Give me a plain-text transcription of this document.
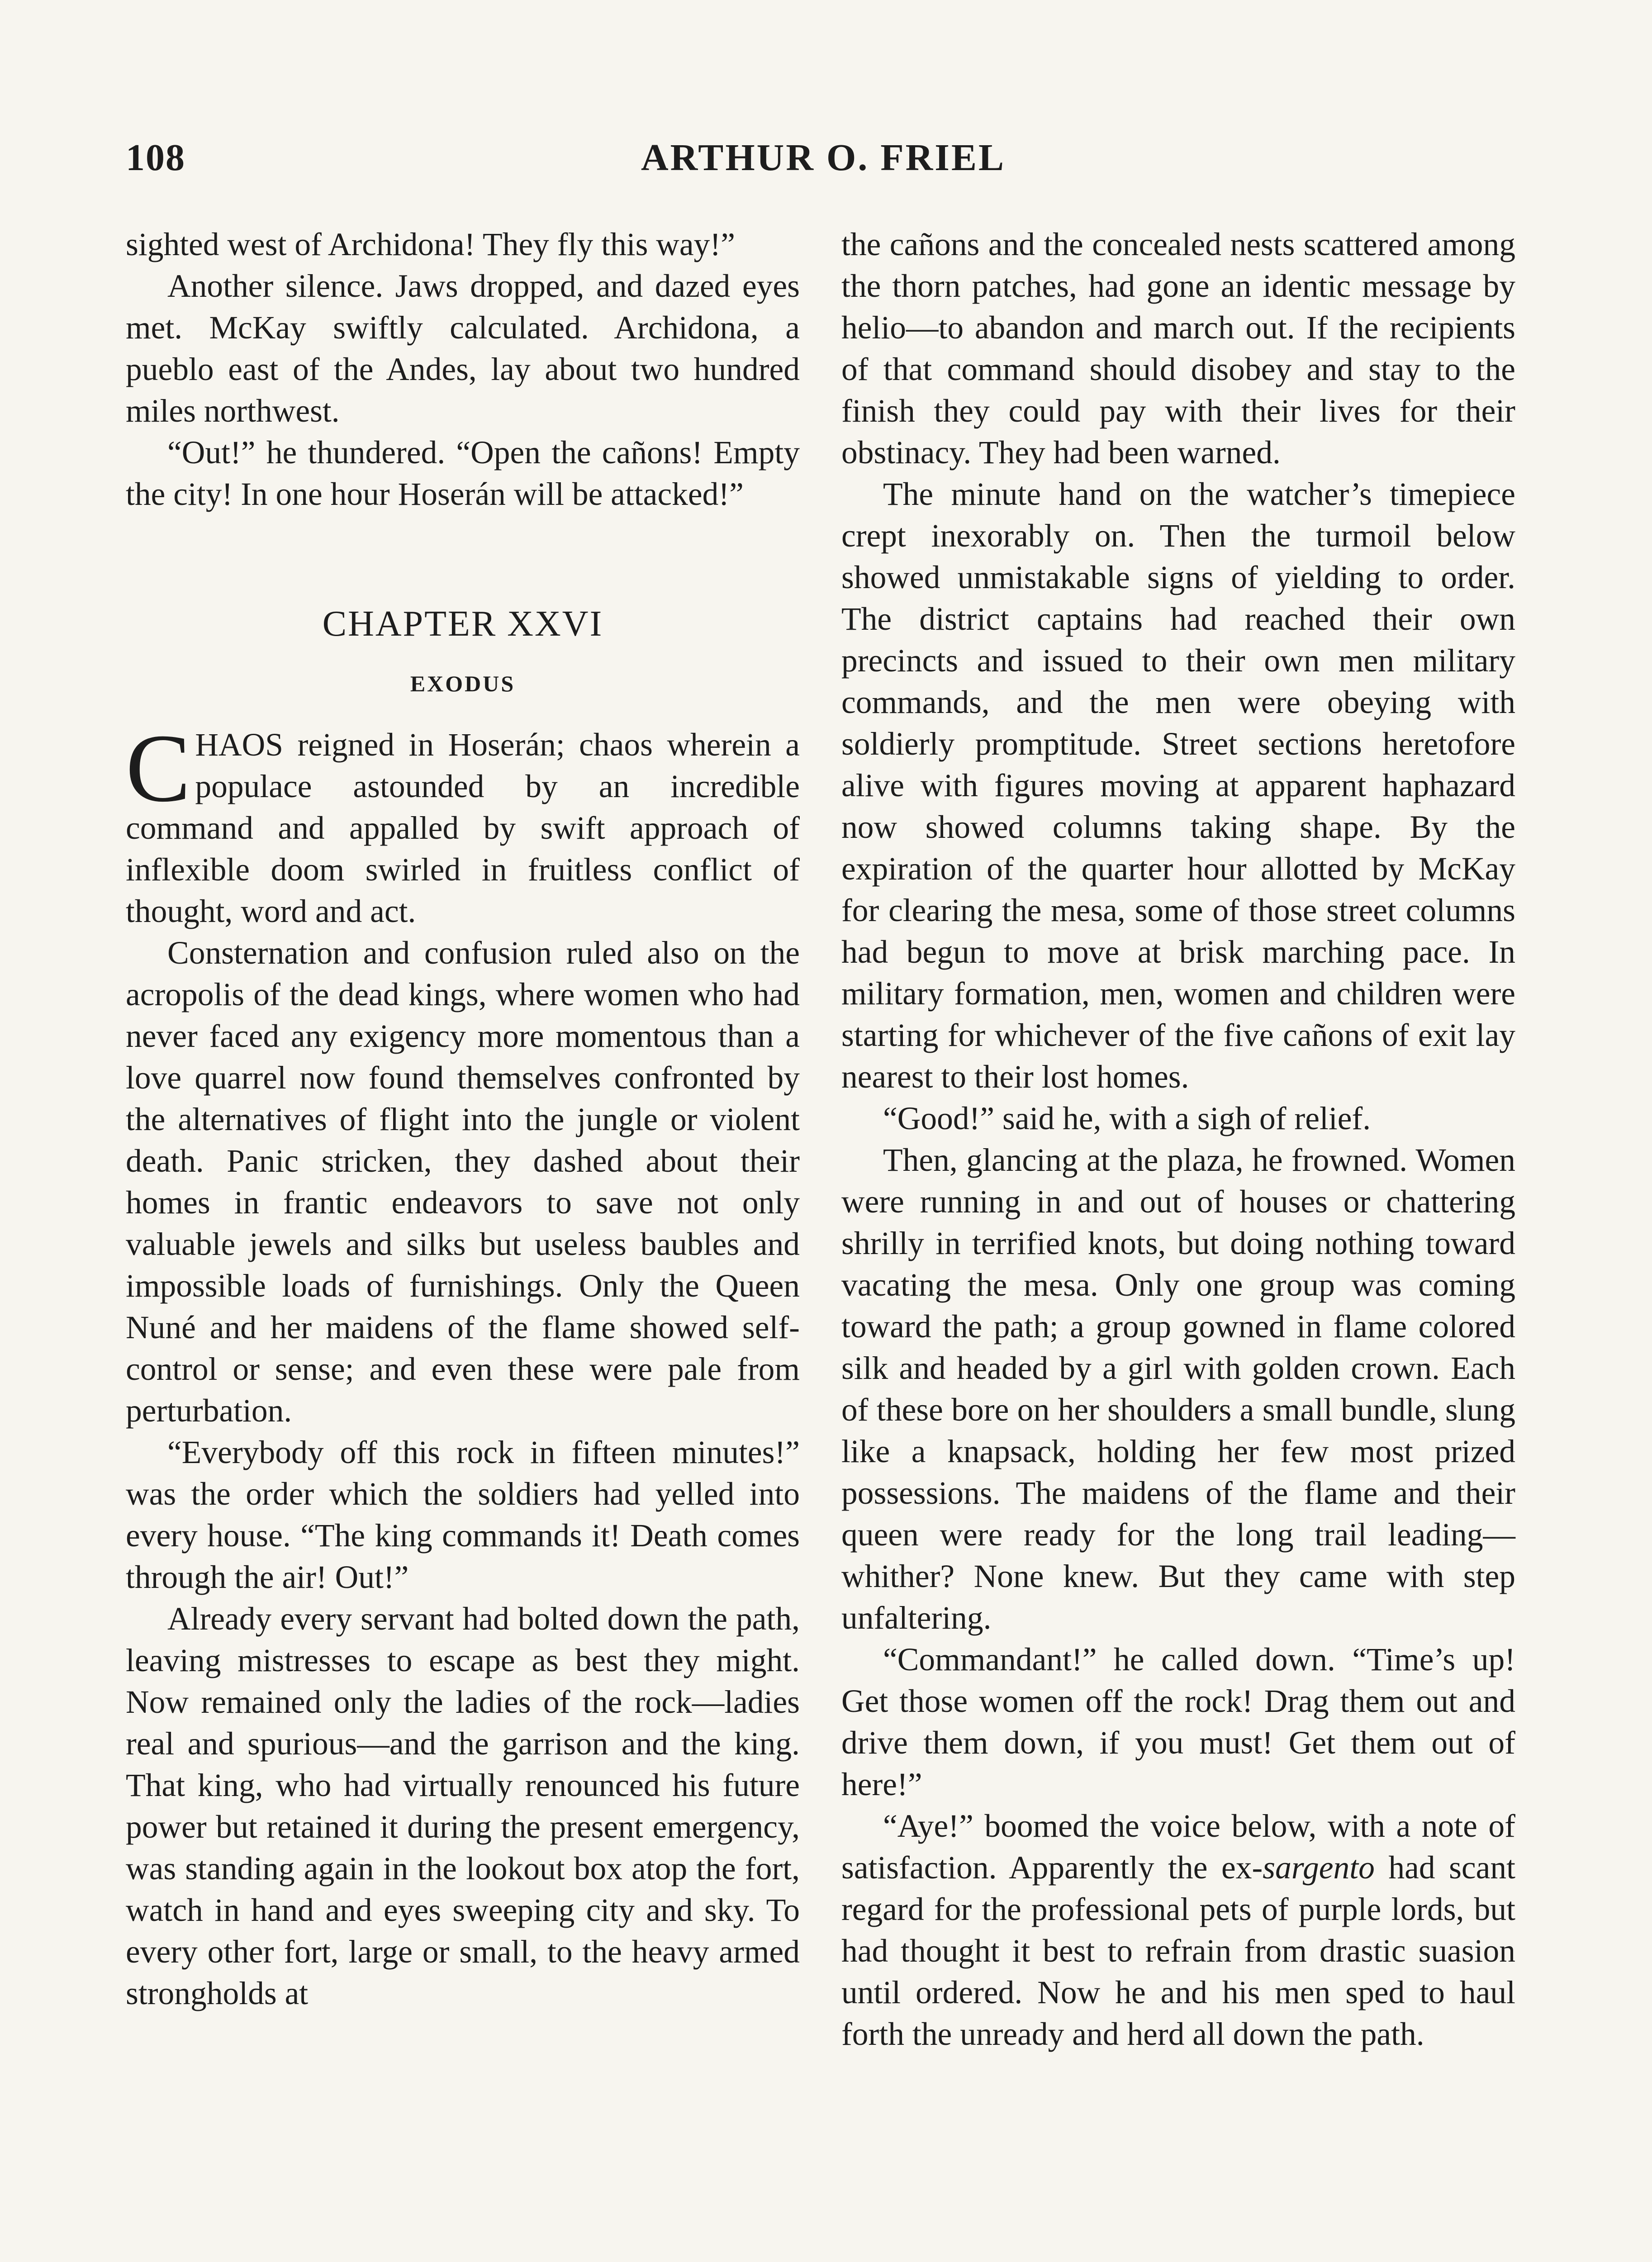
ARTHUR O. FRIEL
108

sighted west of Archidona! They fly this way!”

Another silence. Jaws dropped, and dazed eyes met. McKay swiftly calculated. Archidona, a pueblo east of the Andes, lay about two hundred miles northwest.

“Out!” he thundered. “Open the cañons! Empty the city! In one hour Hoserán will be attacked!”

CHAPTER XXVI
EXODUS

CHAOS reigned in Hoserán; chaos wherein a populace astounded by an incredible command and appalled by swift approach of inflexible doom swirled in fruitless conflict of thought, word and act.

Consternation and confusion ruled also on the acropolis of the dead kings, where women who had never faced any exigency more momentous than a love quarrel now found themselves confronted by the alternatives of flight into the jungle or violent death. Panic stricken, they dashed about their homes in frantic endeavors to save not only valuable jewels and silks but useless baubles and impossible loads of furnishings. Only the Queen Nuné and her maidens of the flame showed self-control or sense; and even these were pale from perturbation.

“Everybody off this rock in fifteen minutes!” was the order which the soldiers had yelled into every house. “The king commands it! Death comes through the air! Out!”

Already every servant had bolted down the path, leaving mistresses to escape as best they might. Now remained only the ladies of the rock—ladies real and spurious—and the garrison and the king. That king, who had virtually renounced his future power but retained it during the present emergency, was standing again in the lookout box atop the fort, watch in hand and eyes sweeping city and sky. To every other fort, large or small, to the heavy armed strongholds at

the cañons and the concealed nests scattered among the thorn patches, had gone an identic message by helio—to abandon and march out. If the recipients of that command should disobey and stay to the finish they could pay with their lives for their obstinacy. They had been warned.

The minute hand on the watcher’s timepiece crept inexorably on. Then the turmoil below showed unmistakable signs of yielding to order. The district captains had reached their own precincts and issued to their own men military commands, and the men were obeying with soldierly promptitude. Street sections heretofore alive with figures moving at apparent haphazard now showed columns taking shape. By the expiration of the quarter hour allotted by McKay for clearing the mesa, some of those street columns had begun to move at brisk marching pace. In military formation, men, women and children were starting for whichever of the five cañons of exit lay nearest to their lost homes.

“Good!” said he, with a sigh of relief.

Then, glancing at the plaza, he frowned. Women were running in and out of houses or chattering shrilly in terrified knots, but doing nothing toward vacating the mesa. Only one group was coming toward the path; a group gowned in flame colored silk and headed by a girl with golden crown. Each of these bore on her shoulders a small bundle, slung like a knapsack, holding her few most prized possessions. The maidens of the flame and their queen were ready for the long trail leading—whither? None knew. But they came with step unfaltering.

“Commandant!” he called down. “Time’s up! Get those women off the rock! Drag them out and drive them down, if you must! Get them out of here!”

“Aye!” boomed the voice below, with a note of satisfaction. Apparently the ex-sargento had scant regard for the professional pets of purple lords, but had thought it best to refrain from drastic suasion until ordered. Now he and his men sped to haul forth the unready and herd all down the path.
